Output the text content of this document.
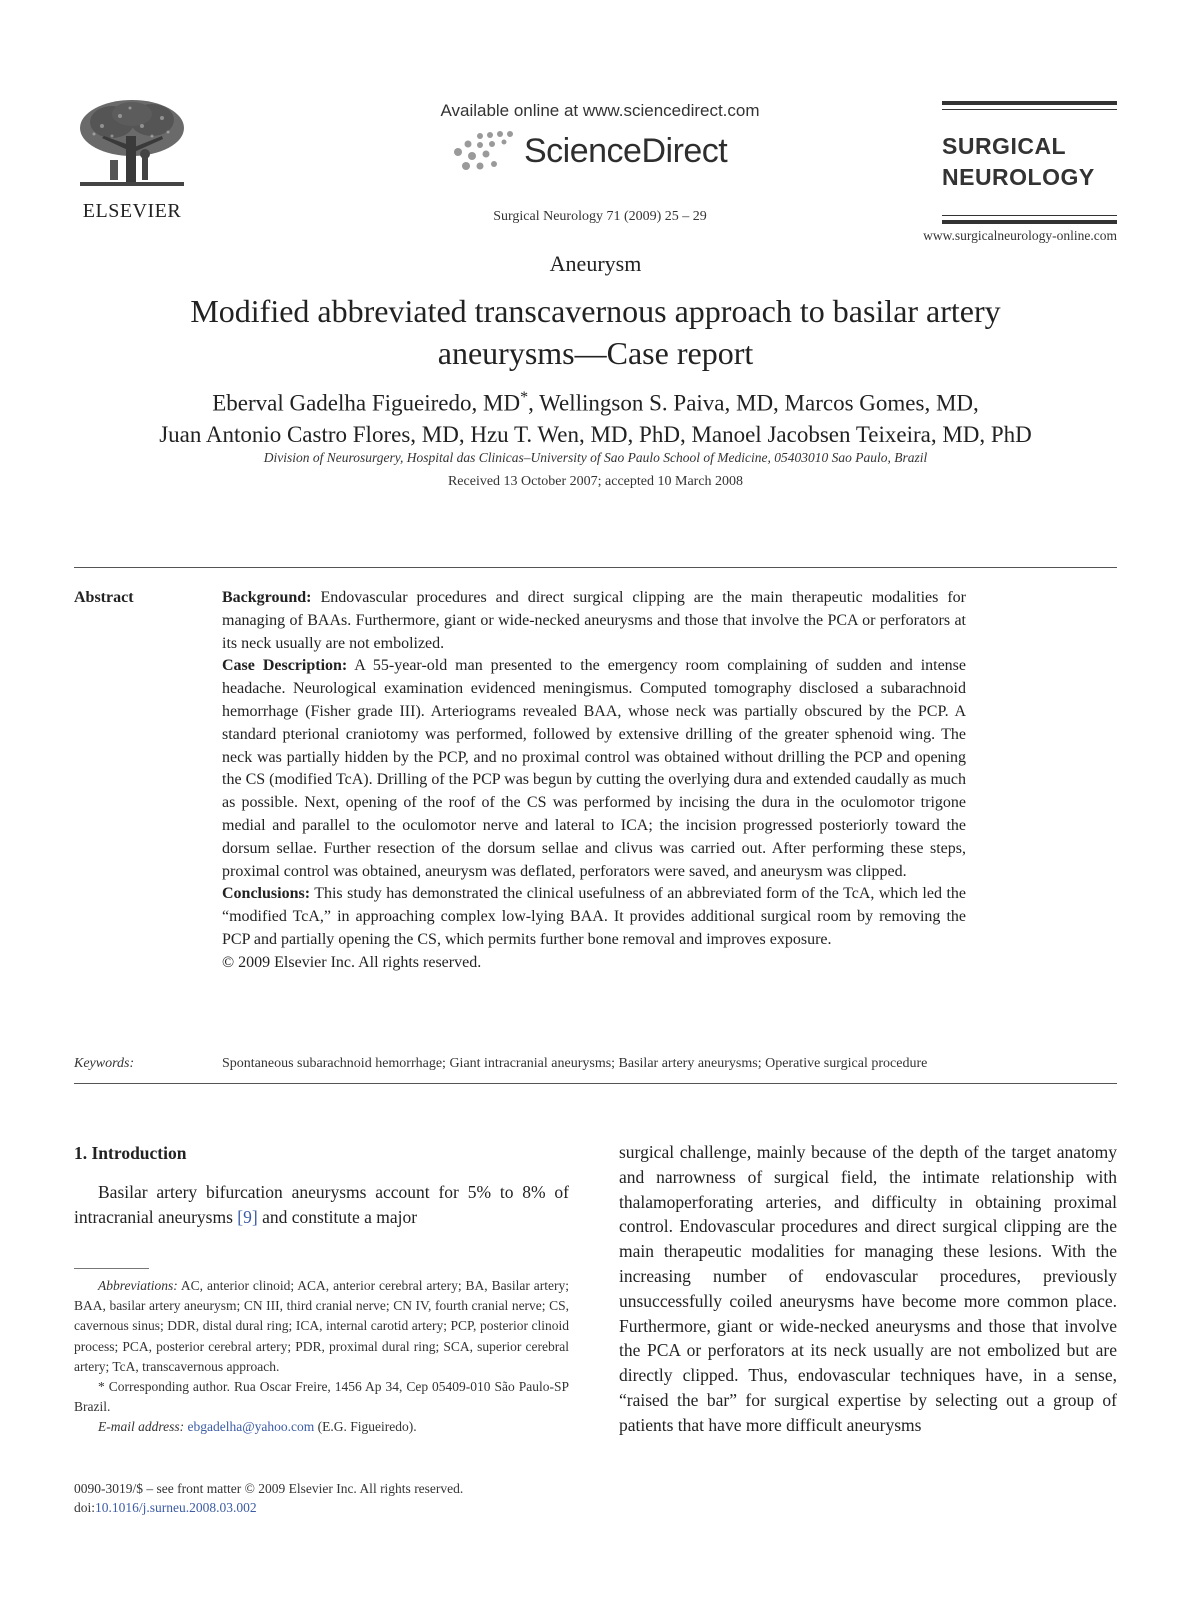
ELSEVIER
Available online at www.sciencedirect.com
ScienceDirect
Surgical Neurology 71 (2009) 25 – 29
SURGICAL
NEUROLOGY
www.surgicalneurology-online.com
Aneurysm
Modified abbreviated transcavernous approach to basilar artery
aneurysms—Case report
Eberval Gadelha Figueiredo, MD*, Wellingson S. Paiva, MD, Marcos Gomes, MD,
Juan Antonio Castro Flores, MD, Hzu T. Wen, MD, PhD, Manoel Jacobsen Teixeira, MD, PhD
Division of Neurosurgery, Hospital das Clinicas–University of Sao Paulo School of Medicine, 05403010 Sao Paulo, Brazil
Received 13 October 2007; accepted 10 March 2008
Abstract	Background: Endovascular procedures and direct surgical clipping are the main therapeutic modalities for managing of BAAs. Furthermore, giant or wide-necked aneurysms and those that involve the PCA or perforators at its neck usually are not embolized.

Case Description: A 55-year-old man presented to the emergency room complaining of sudden and intense headache. Neurological examination evidenced meningismus. Computed tomography disclosed a subarachnoid hemorrhage (Fisher grade III). Arteriograms revealed BAA, whose neck was partially obscured by the PCP. A standard pterional craniotomy was performed, followed by extensive drilling of the greater sphenoid wing. The neck was partially hidden by the PCP, and no proximal control was obtained without drilling the PCP and opening the CS (modified TcA). Drilling of the PCP was begun by cutting the overlying dura and extended caudally as much as possible. Next, opening of the roof of the CS was performed by incising the dura in the oculomotor trigone medial and parallel to the oculomotor nerve and lateral to ICA; the incision progressed posteriorly toward the dorsum sellae. Further resection of the dorsum sellae and clivus was carried out. After performing these steps, proximal control was obtained, aneurysm was deflated, perforators were saved, and aneurysm was clipped.

Conclusions: This study has demonstrated the clinical usefulness of an abbreviated form of the TcA, which led the “modified TcA,” in approaching complex low-lying BAA. It provides additional surgical room by removing the PCP and partially opening the CS, which permits further bone removal and improves exposure.

© 2009 Elsevier Inc. All rights reserved.

Keywords:	Spontaneous subarachnoid hemorrhage; Giant intracranial aneurysms; Basilar artery aneurysms; Operative surgical procedure
1. Introduction
Basilar artery bifurcation aneurysms account for 5% to 8% of intracranial aneurysms [9] and constitute a major

Abbreviations: AC, anterior clinoid; ACA, anterior cerebral artery; BA, Basilar artery; BAA, basilar artery aneurysm; CN III, third cranial nerve; CN IV, fourth cranial nerve; CS, cavernous sinus; DDR, distal dural ring; ICA, internal carotid artery; PCP, posterior clinoid process; PCA, posterior cerebral artery; PDR, proximal dural ring; SCA, superior cerebral artery; TcA, transcavernous approach.

* Corresponding author. Rua Oscar Freire, 1456 Ap 34, Cep 05409-010 São Paulo-SP Brazil.

E-mail address: ebgadelha@yahoo.com (E.G. Figueiredo).

0090-3019/$ – see front matter © 2009 Elsevier Inc. All rights reserved.
doi:10.1016/j.surneu.2008.03.002
surgical challenge, mainly because of the depth of the target anatomy and narrowness of surgical field, the intimate relationship with thalamoperforating arteries, and difficulty in obtaining proximal control. Endovascular procedures and direct surgical clipping are the main therapeutic modalities for managing these lesions. With the increasing number of endovascular procedures, previously unsuccessfully coiled aneurysms have become more common place. Furthermore, giant or wide-necked aneurysms and those that involve the PCA or perforators at its neck usually are not embolized but are directly clipped. Thus, endovascular techniques have, in a sense, “raised the bar” for surgical expertise by selecting out a group of patients that have more difficult aneurysms
